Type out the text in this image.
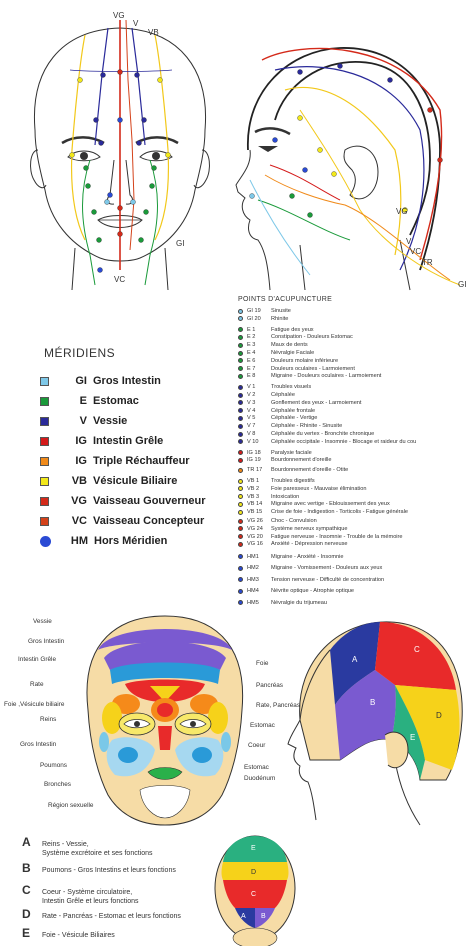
VG
V
VB
GI
VC
VG
V
VC
TR
GI
MÉRIDIENS
GI Gros Intestin
E Estomac
V Vessie
IG Intestin Grêle
IG Triple Réchauffeur
VB Vésicule Biliaire
VG Vaisseau Gouverneur
VC Vaisseau Concepteur
HM Hors Méridien
POINTS D'ACUPUNCTURE
GI 19	Sinusite
GI 20	Rhinite
E 1	Fatigue des yeux
E 2	Constipation - Douleurs Estomac
E 3	Maux de dents
E 4	Névralgie Faciale
E 6	Douleurs molaire inférieure
E 7	Douleurs oculaires - Larmoiement
E 8	Migraine - Douleurs oculaires - Larmoiement
V 1	Troubles visuels
V 2	Céphalée
V 3	Gonflement des yeux - Larmoiement
V 4	Céphalée frontale
V 5	Céphalée - Vertige
V 7	Céphalée - Rhinite - Sinusite
V 8	Céphalée du vertex - Bronchite chronique
V 10	Céphalée occipitale - Insomnie - Blocage et raideur du cou
IG 18	Paralysie faciale
IG 19	Bourdonnement d'oreille
TR 17	Bourdonnement d'oreille - Otite
VB 1	Troubles digestifs
VB 2	Foie paresseux - Mauvaise élimination
VB 3	Intoxication
VB 14	Migraine avec vertige - Eblouissement des yeux
VB 15	Crise de foie - Indigestion - Torticolis - Fatigue générale
VG 26	Choc - Convulsion
VG 24	Système nerveux sympathique
VG 20	Fatigue nerveuse - Insomnie - Trouble de la mémoire
VG 16	Anxiété - Dépression nerveuse
HM1	Migraine - Anxiété - Insomnie
HM2	Migraine - Vomissement - Douleurs aux yeux
HM3	Tension nerveuse - Difficulté de concentration
HM4	Névrite optique - Atrophie optique
HM5	Névralgie du trijumeau
A
B
C
D
E
Vessie
Gros Intestin
Intestin Grêle
Rate
Foie ,Vésicule biliaire
Reins
Gros Intestin
Poumons
Bronches
Région sexuelle
Foie
Pancréas
Rate, Pancréas
Estomac
Coeur
Estomac
Duodénum
E
D
C
A B
A Reins - Vessie,
Système excrétoire et ses fonctions
B Poumons - Gros Intestins et leurs fonctions
C Coeur - Système circulatoire,
Intestin Grêle et leurs fonctions
D Rate - Pancréas - Estomac et leurs fonctions
E Foie - Vésicule Biliaires
